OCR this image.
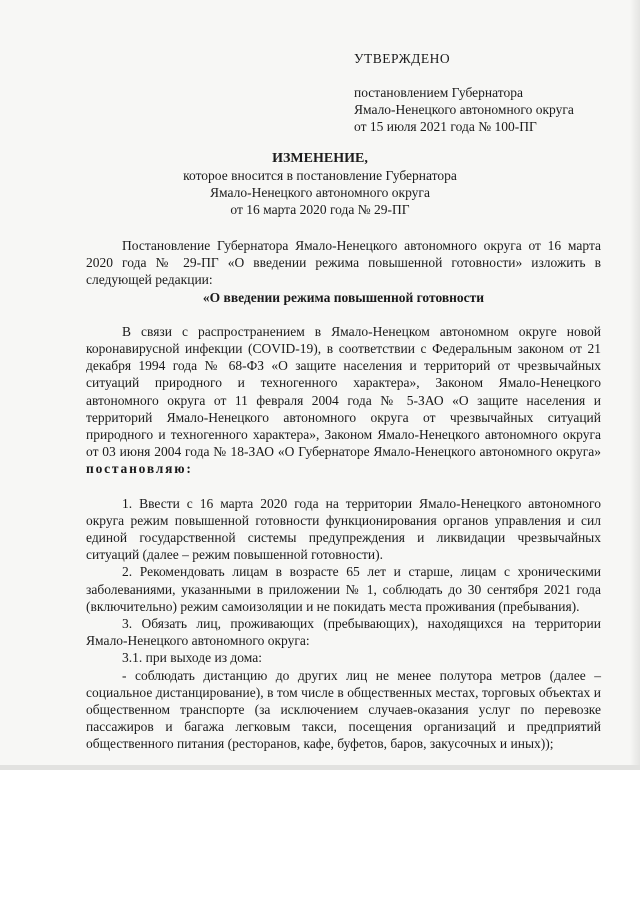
УТВЕРЖДЕНО
постановлением Губернатора
Ямало-Ненецкого автономного округа
от 15 июля 2021 года № 100-ПГ
ИЗМЕНЕНИЕ,
которое вносится в постановление Губернатора
Ямало-Ненецкого автономного округа
от 16 марта 2020 года № 29-ПГ

Постановление Губернатора Ямало-Ненецкого автономного округа от 16 марта 2020 года № 29-ПГ «О введении режима повышенной готовности» изложить в следующей редакции:

«О введении режима повышенной готовности

В связи с распространением в Ямало-Ненецком автономном округе новой коронавирусной инфекции (COVID-19), в соответствии с Федеральным законом от 21 декабря 1994 года № 68-ФЗ «О защите населения и территорий от чрезвычайных ситуаций природного и техногенного характера», Законом Ямало-Ненецкого автономного округа от 11 февраля 2004 года № 5-ЗАО «О защите населения и территорий Ямало-Ненецкого автономного округа от чрезвычайных ситуаций природного и техногенного характера», Законом Ямало-Ненецкого автономного округа от 03 июня 2004 года № 18-ЗАО «О Губернаторе Ямало-Ненецкого автономного округа» постановляю:

1. Ввести с 16 марта 2020 года на территории Ямало-Ненецкого автономного округа режим повышенной готовности функционирования органов управления и сил единой государственной системы предупреждения и ликвидации чрезвычайных ситуаций (далее – режим повышенной готовности).

2. Рекомендовать лицам в возрасте 65 лет и старше, лицам с хроническими заболеваниями, указанными в приложении № 1, соблюдать до 30 сентября 2021 года (включительно) режим самоизоляции и не покидать места проживания (пребывания).

3. Обязать лиц, проживающих (пребывающих), находящихся на территории Ямало-Ненецкого автономного округа:

3.1. при выходе из дома:

- соблюдать дистанцию до других лиц не менее полутора метров (далее – социальное дистанцирование), в том числе в общественных местах, торговых объектах и общественном транспорте (за исключением случаев-оказания услуг по перевозке пассажиров и багажа легковым такси, посещения организаций и предприятий общественного питания (ресторанов, кафе, буфетов, баров, закусочных и иных));
